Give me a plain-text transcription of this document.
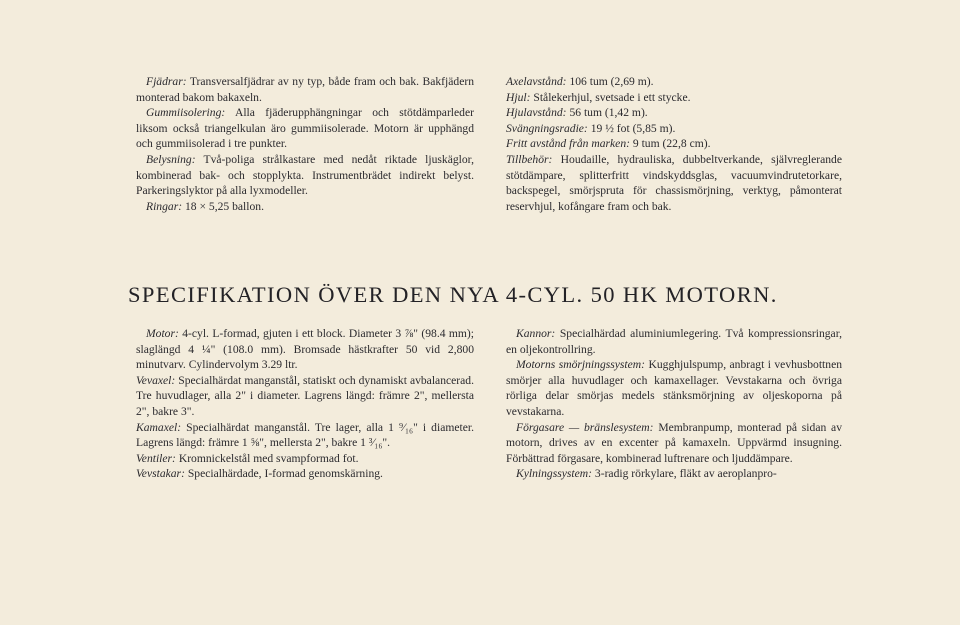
Fjädrar: Transversalfjädrar av ny typ, både fram och bak. Bakfjädern monterad bakom bakaxeln.

Gummiisolering: Alla fjäderupphängningar och stötdämparleder liksom också triangelkulan äro gummiisolerade. Motorn är upphängd och gummiisolerad i tre punkter.

Belysning: Två-poliga strålkastare med nedåt riktade ljuskäglor, kombinerad bak- och stopplykta. Instrumentbrädet indirekt belyst. Parkeringslyktor på alla lyxmodeller.

Ringar: 18 × 5,25 ballon.

Axelavstånd: 106 tum (2,69 m).

Hjul: Stålekerhjul, svetsade i ett stycke.

Hjulavstånd: 56 tum (1,42 m).

Svängningsradie: 19 ½ fot (5,85 m).

Fritt avstånd från marken: 9 tum (22,8 cm).

Tillbehör: Houdaille, hydrauliska, dubbeltverkande, självreglerande stötdämpare, splitterfritt vindskyddsglas, vacuumvindrutetorkare, backspegel, smörjspruta för chassismörjning, verktyg, påmonterat reservhjul, kofångare fram och bak.

SPECIFIKATION ÖVER DEN NYA 4-CYL. 50 HK MOTORN.

Motor: 4-cyl. L-formad, gjuten i ett block. Diameter 3 ⅞" (98.4 mm); slaglängd 4 ¼" (108.0 mm). Bromsade hästkrafter 50 vid 2,800 minutvarv. Cylindervolym 3.29 ltr.

Vevaxel: Specialhärdat manganstål, statiskt och dynamiskt avbalancerad. Tre huvudlager, alla 2" i diameter. Lagrens längd: främre 2", mellersta 2", bakre 3".

Kamaxel: Specialhärdat manganstål. Tre lager, alla 1 ⁹⁄₁₆" i diameter. Lagrens längd: främre 1 ⅝", mellersta 2", bakre 1 ³⁄₁₆".

Ventiler: Kromnickelstål med svampformad fot.

Vevstakar: Specialhärdade, I-formad genomskärning.

Kannor: Specialhärdad aluminiumlegering. Två kompressionsringar, en oljekontrollring.

Motorns smörjningssystem: Kugghjulspump, anbragt i vevhusbottnen smörjer alla huvudlager och kamaxellager. Vevstakarna och övriga rörliga delar smörjas medels stänksmörjning av oljeskoporna på vevstakarna.

Förgasare — bränslesystem: Membranpump, monterad på sidan av motorn, drives av en excenter på kamaxeln. Uppvärmd insugning. Förbättrad förgasare, kombinerad luftrenare och ljuddämpare.

Kylningssystem: 3-radig rörkylare, fläkt av aeroplanpro-
